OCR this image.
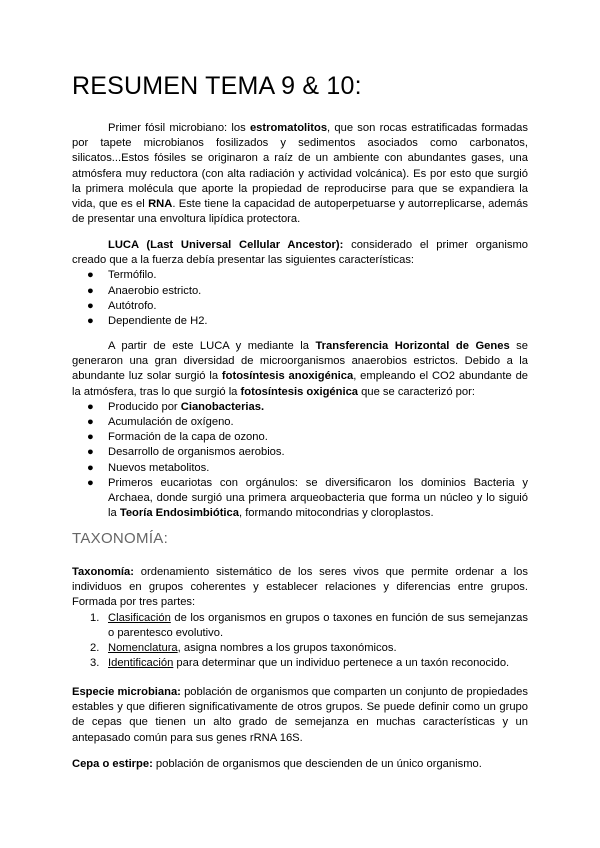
RESUMEN TEMA 9 & 10:

Primer fósil microbiano: los estromatolitos, que son rocas estratificadas formadas por tapete microbianos fosilizados y sedimentos asociados como carbonatos, silicatos...Estos fósiles se originaron a raíz de un ambiente con abundantes gases, una atmósfera muy reductora (con alta radiación y actividad volcánica). Es por esto que surgió la primera molécula que aporte la propiedad de reproducirse para que se expandiera la vida, que es el RNA. Este tiene la capacidad de autoperpetuarse y autorreplicarse, además de presentar una envoltura lipídica protectora.

LUCA (Last Universal Cellular Ancestor): considerado el primer organismo creado que a la fuerza debía presentar las siguientes características:

● Termófilo.
● Anaerobio estricto.
● Autótrofo.
● Dependiente de H2.

A partir de este LUCA y mediante la Transferencia Horizontal de Genes se generaron una gran diversidad de microorganismos anaerobios estrictos. Debido a la abundante luz solar surgió la fotosíntesis anoxigénica, empleando el CO2 abundante de la atmósfera, tras lo que surgió la fotosíntesis oxigénica que se caracterizó por:

● Producido por Cianobacterias.
● Acumulación de oxígeno.
● Formación de la capa de ozono.
● Desarrollo de organismos aerobios.
● Nuevos metabolitos.
● Primeros eucariotas con orgánulos: se diversificaron los dominios Bacteria y Archaea, donde surgió una primera arqueobacteria que forma un núcleo y lo siguió la Teoría Endosimbiótica, formando mitocondrias y cloroplastos.
TAXONOMÍA:

Taxonomía: ordenamiento sistemático de los seres vivos que permite ordenar a los individuos en grupos coherentes y establecer relaciones y diferencias entre grupos. Formada por tres partes:

1. Clasificación de los organismos en grupos o taxones en función de sus semejanzas o parentesco evolutivo.
2. Nomenclatura, asigna nombres a los grupos taxonómicos.
3. Identificación para determinar que un individuo pertenece a un taxón reconocido.

Especie microbiana: población de organismos que comparten un conjunto de propiedades estables y que difieren significativamente de otros grupos. Se puede definir como un grupo de cepas que tienen un alto grado de semejanza en muchas características y un antepasado común para sus genes rRNA 16S.

Cepa o estirpe: población de organismos que descienden de un único organismo.
